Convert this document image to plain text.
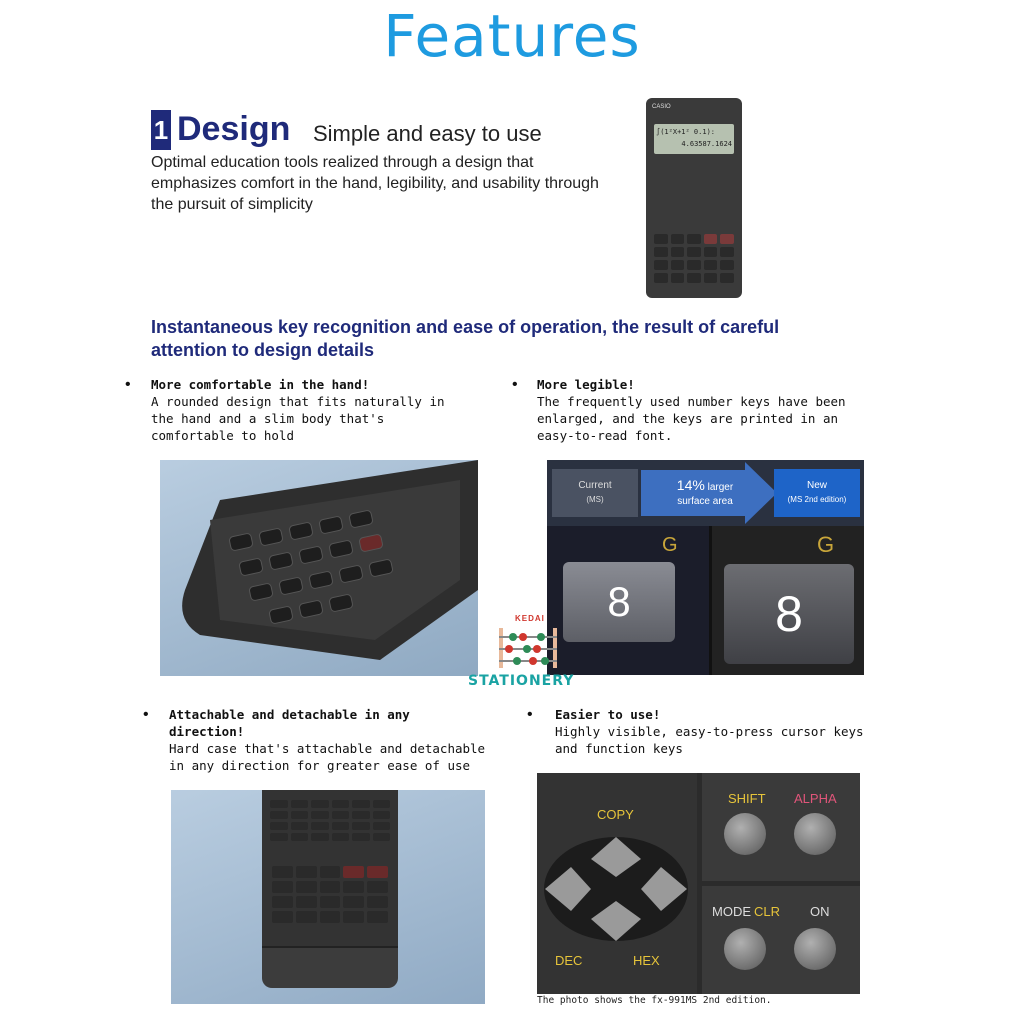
Features
1 Design Simple and easy to use
Optimal education tools realized through a design that emphasizes comfort in the hand, legibility, and usability through the pursuit of simplicity
CASIO
∫(1²X+1² 0.1):
4.63587.1624
Instantaneous key recognition and ease of operation, the result of careful attention to design details
• More comfortable in the hand!
A rounded design that fits naturally in the hand and a slim body that's comfortable to hold
• More legible!
The frequently used number keys have been enlarged, and the keys are printed in an easy-to-read font.
Current
(MS)
14% larger
surface area
New
(MS 2nd edition)
G
8
G
8
KEDAI
STATIONERY
• Attachable and detachable in any direction!
Hard case that's attachable and detachable in any direction for greater ease of use
• Easier to use!
Highly visible, easy-to-press cursor keys and function keys
COPY
DEC	HEX
SHIFT ALPHA
MODE CLR ON
The photo shows the fx-991MS 2nd edition.
